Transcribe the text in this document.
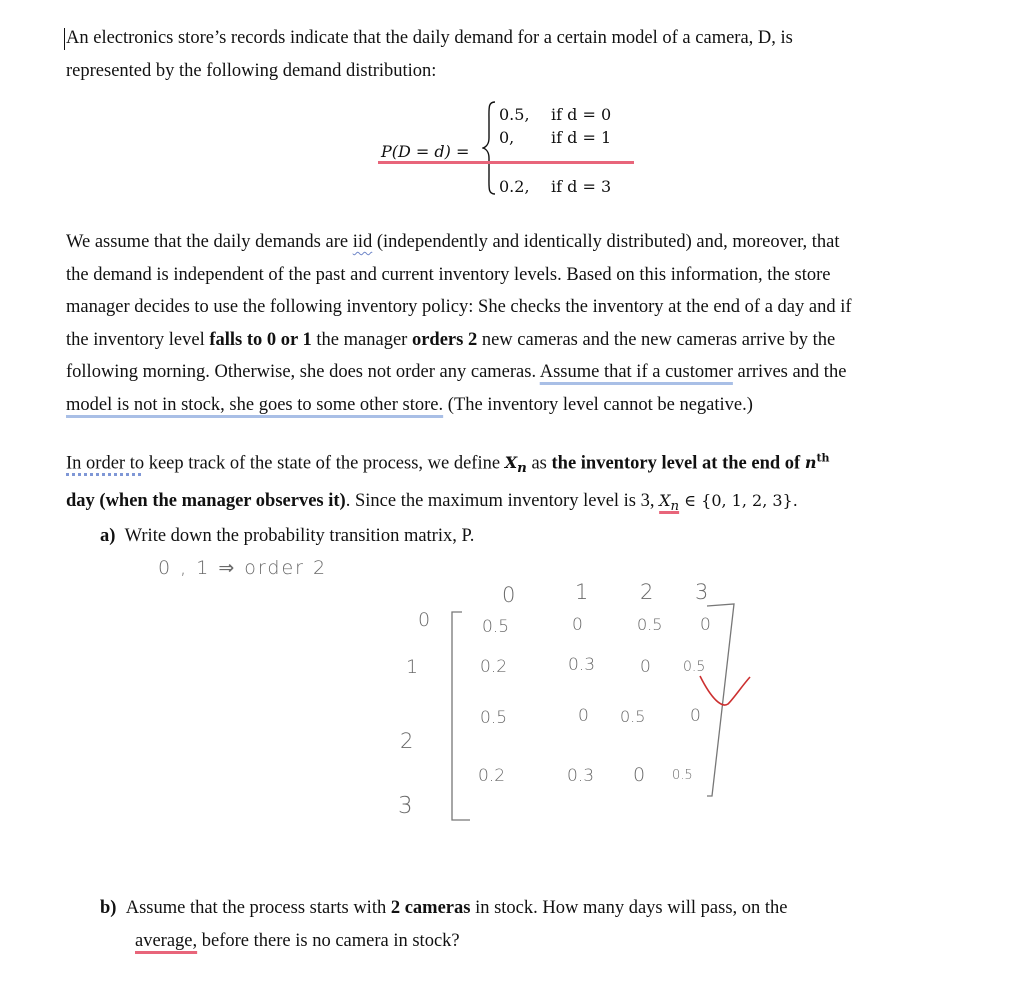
An electronics store’s records indicate that the daily demand for a certain model of a camera, D, is
represented by the following demand distribution:
P(D = d) =
0.5, if d = 0
0, if d = 1
0.2, if d = 3
We assume that the daily demands are iid (independently and identically distributed) and, moreover, that
the demand is independent of the past and current inventory levels. Based on this information, the store
manager decides to use the following inventory policy: She checks the inventory at the end of a day and if
the inventory level falls to 0 or 1 the manager orders 2 new cameras and the new cameras arrive by the
following morning. Otherwise, she does not order any cameras. Assume that if a customer arrives and the
model is not in stock, she goes to some other store. (The inventory level cannot be negative.)
In order to keep track of the state of the process, we define $X_n$ as the inventory level at the end of $n^{th}$
day (when the manager observes it). Since the maximum inventory level is 3, $X_n$ ∈ {0, 1, 2, 3}.
a) Write down the probability transition matrix, P.
0 , 1 ⇒ order 2
0	1 2 3
0
1
2
3
0.5	0	0.5 0
0.2	0.3	0 0.5
0.5	0 0.5	0
0.2	0.3 0 0.5
b) Assume that the process starts with 2 cameras in stock. How many days will pass, on the
average, before there is no camera in stock?
